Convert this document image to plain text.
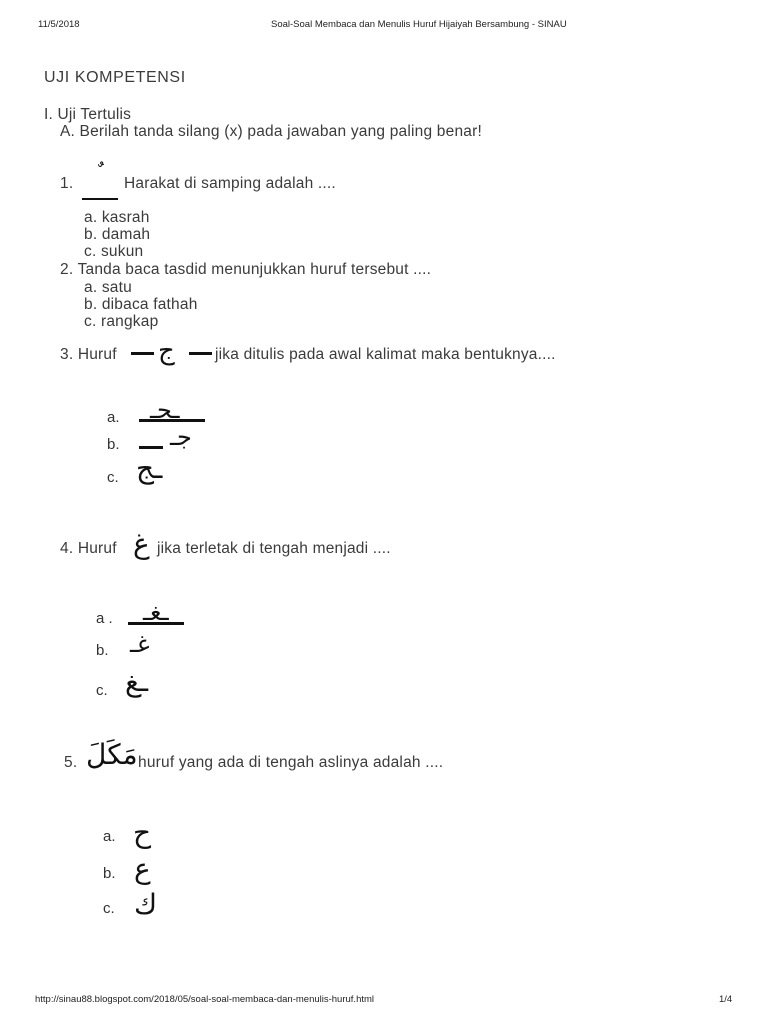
11/5/2018	Soal-Soal Membaca dan Menulis Huruf Hijaiyah Bersambung - SINAU
UJI KOMPETENSI
I. Uji Tertulis
A. Berilah tanda silang (x) pada jawaban yang paling benar!
1.	Harakat di samping adalah ....
a. kasrah
b. damah
c. sukun
2. Tanda baca tasdid menunjukkan huruf tersebut ....
a. satu
b. dibaca fathah
c. rangkap
3. Huruf ج	jika ditulis pada awal kalimat maka bentuknya....
a. ـجـ
b. جـ
c. ـج
4. Huruf غ jika terletak di tengah menjadi ....
a . ـغـ
b. غـ
c. ـغ
5. مَكَلَ huruf yang ada di tengah aslinya adalah ....
a. ح
b. ع
c. ك
http://sinau88.blogspot.com/2018/05/soal-soal-membaca-dan-menulis-huruf.html	1/4
